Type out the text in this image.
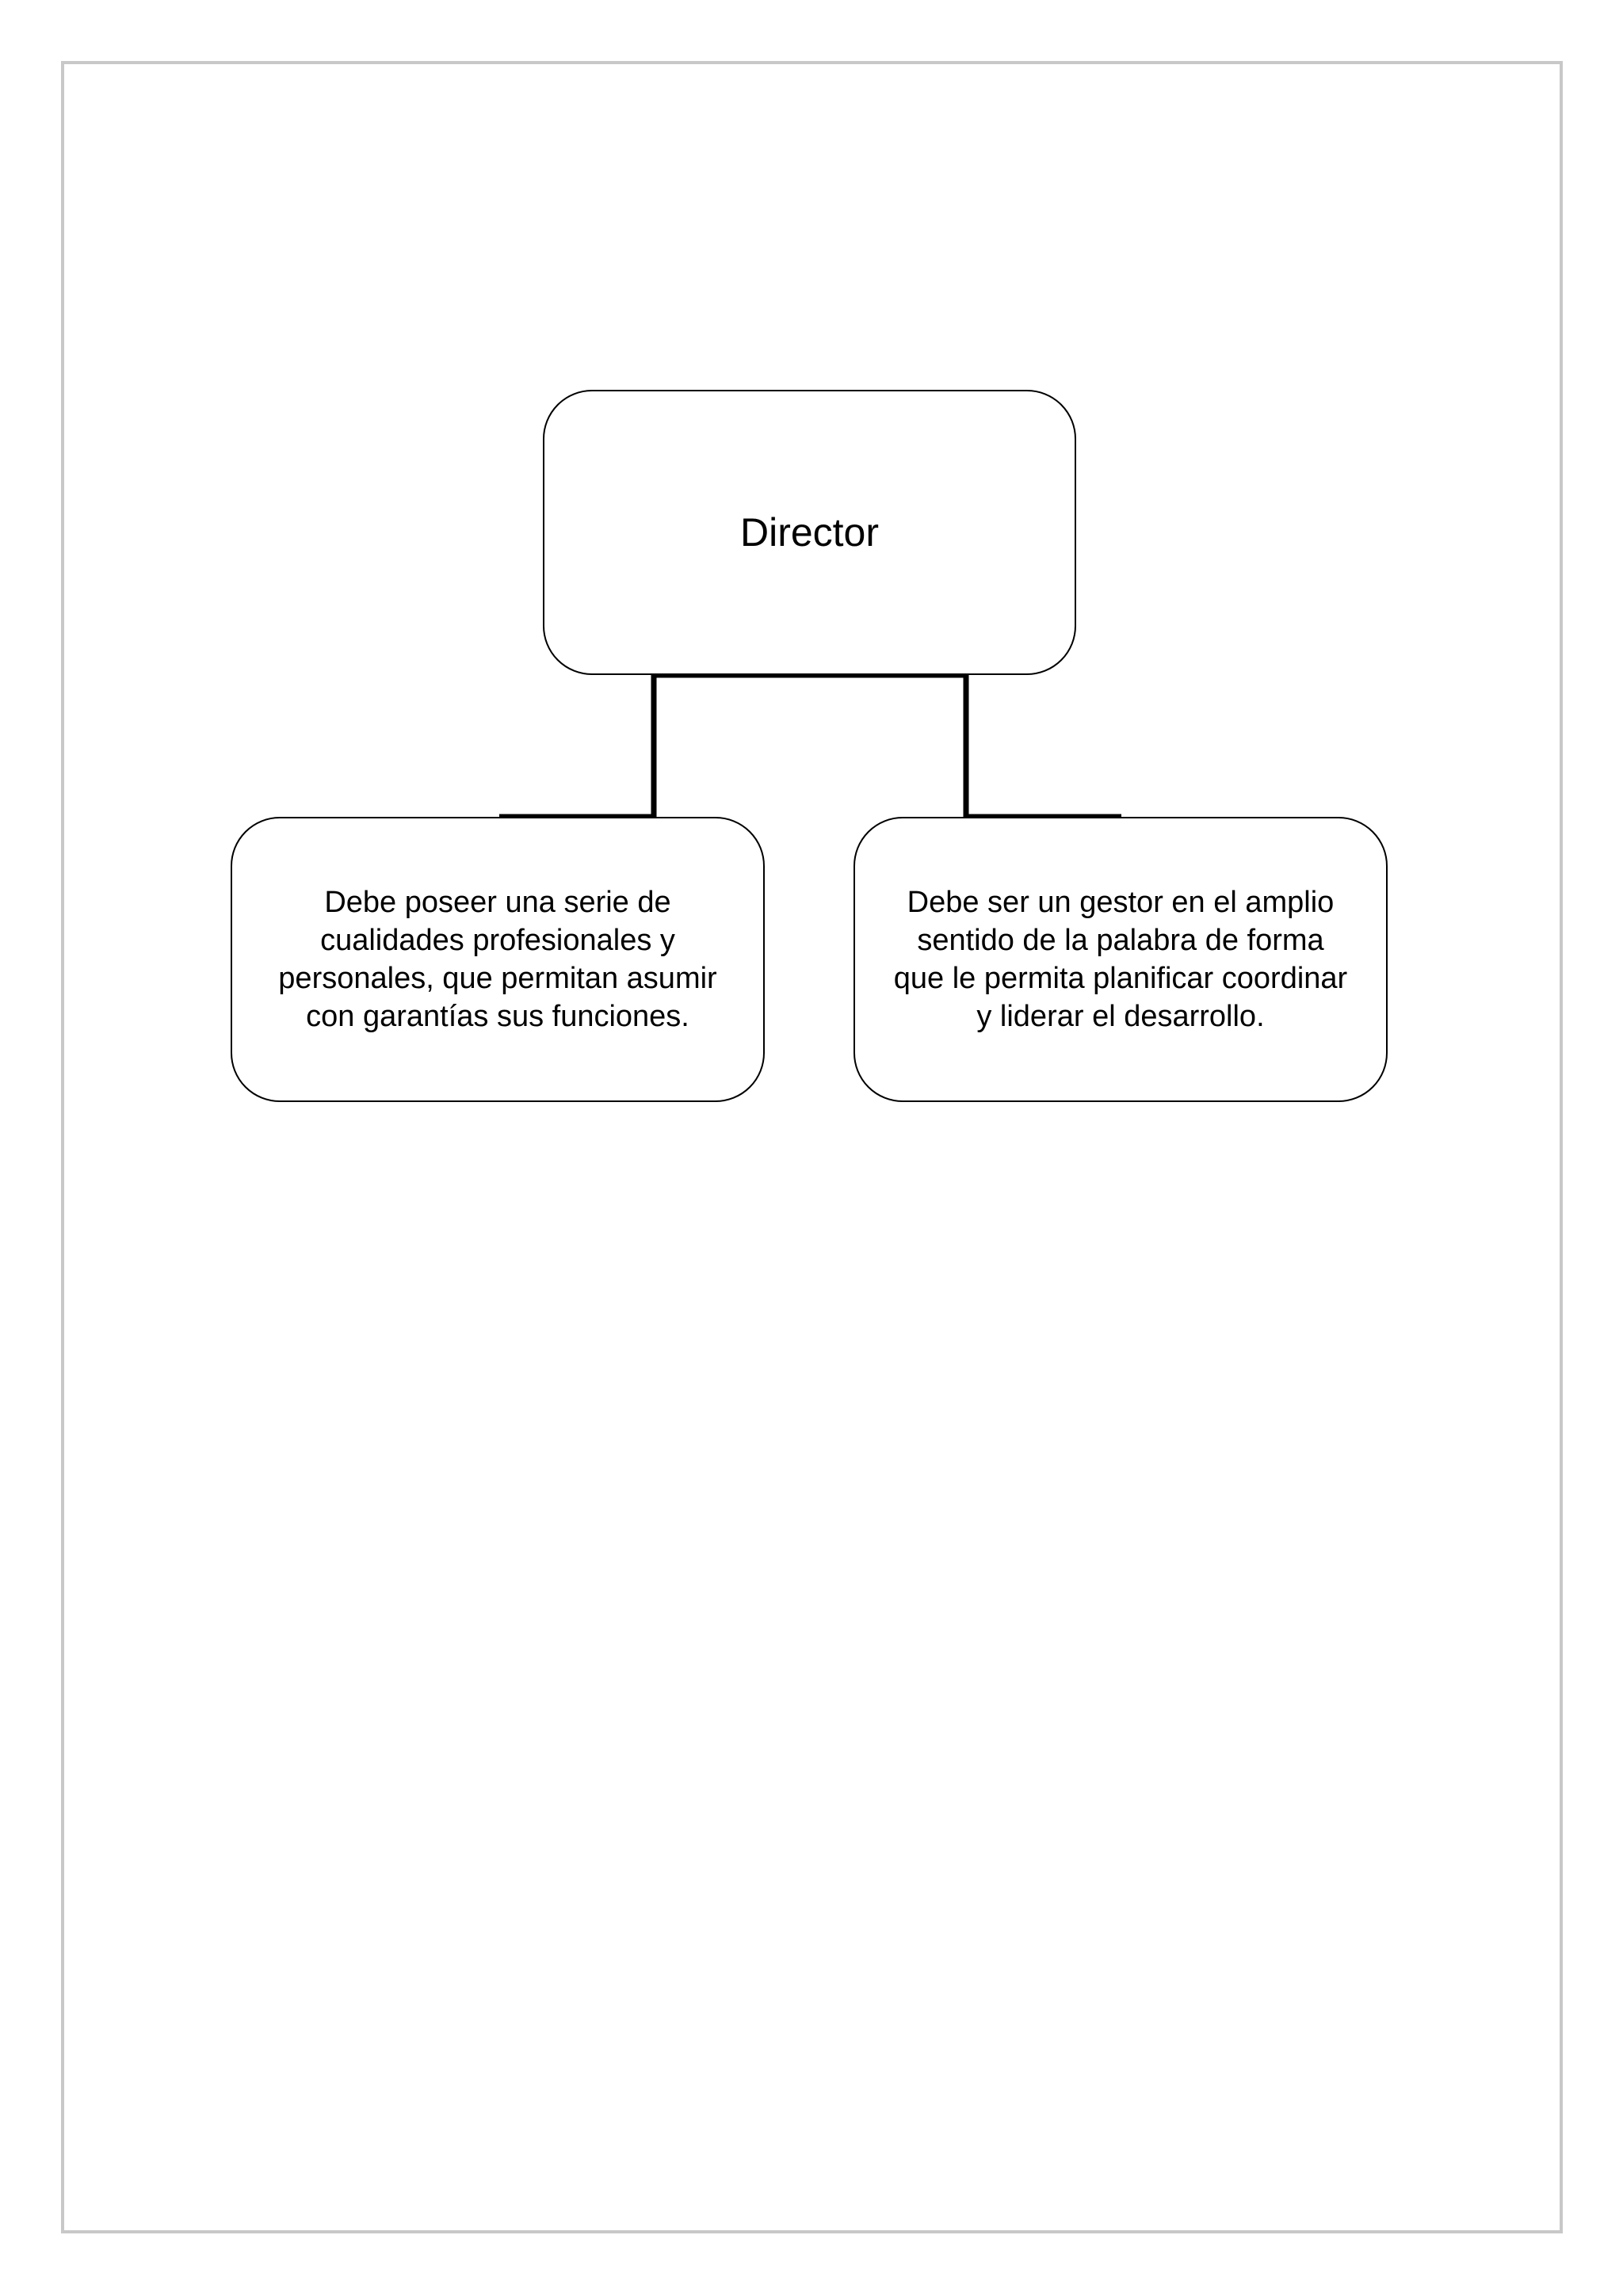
Director
Debe poseer una serie de
cualidades profesionales y
personales, que permitan asumir
con garantías sus funciones.
Debe ser un gestor en el amplio
sentido de la palabra de forma
que le permita planificar coordinar
y liderar el desarrollo.
